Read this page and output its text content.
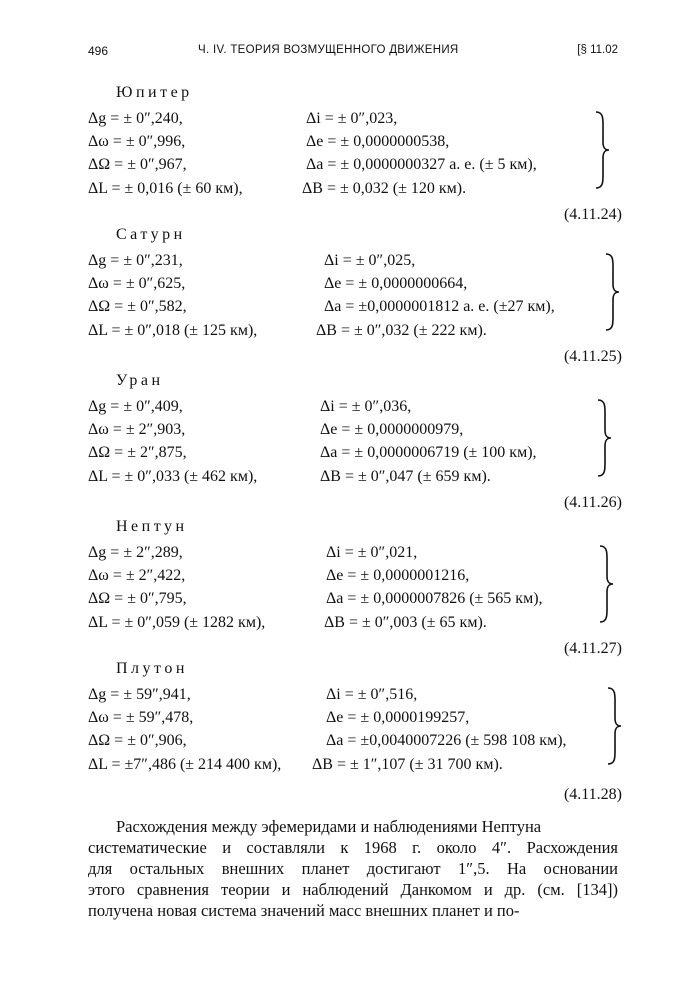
496	Ч. IV. ТЕОРИЯ ВОЗМУЩЕННОГО ДВИЖЕНИЯ	[§ 11.02
Юпитер
Δg = ± 0″,240,	Δi = ± 0″,023,
Δω = ± 0″,996,	Δe = ± 0,0000000538,
ΔΩ = ± 0″,967,	Δa = ± 0,0000000327 а. е. (± 5 км),
ΔL = ± 0,016 (± 60 км),	ΔB = ± 0,032 (± 120 км).
(4.11.24)
Сатурн
Δg = ± 0″,231,	Δi = ± 0″,025,
Δω = ± 0″,625,	Δe = ± 0,0000000664,
ΔΩ = ± 0″,582,	Δa = ±0,0000001812 а. е. (±27 км),
ΔL = ± 0″,018 (± 125 км),	ΔB = ± 0″,032 (± 222 км).
(4.11.25)
Уран
Δg = ± 0″,409,	Δi = ± 0″,036,
Δω = ± 2″,903,	Δe = ± 0,0000000979,
ΔΩ = ± 2″,875,	Δa = ± 0,0000006719 (± 100 км),
ΔL = ± 0″,033 (± 462 км),	ΔB = ± 0″,047 (± 659 км).
(4.11.26)
Нептун
Δg = ± 2″,289,	Δi = ± 0″,021,
Δω = ± 2″,422,	Δe = ± 0,0000001216,
ΔΩ = ± 0″,795,	Δa = ± 0,0000007826 (± 565 км),
ΔL = ± 0″,059 (± 1282 км),	ΔB = ± 0″,003 (± 65 км).
(4.11.27)
Плутон
Δg = ± 59″,941,	Δi = ± 0″,516,
Δω = ± 59″,478,	Δe = ± 0,0000199257,
ΔΩ = ± 0″,906,	Δa = ±0,0040007226 (± 598 108 км),
ΔL = ±7″,486 (± 214 400 км), ΔB = ± 1″,107 (± 31 700 км).
(4.11.28)
Расхождения между эфемеридами и наблюдениями Нептуна
систематические и составляли к 1968 г. около 4″. Расхождения
для остальных внешних планет достигают 1″,5. На основании
этого сравнения теории и наблюдений Данкомом и др. (см. [134])
получена новая система значений масс внешних планет и по-
